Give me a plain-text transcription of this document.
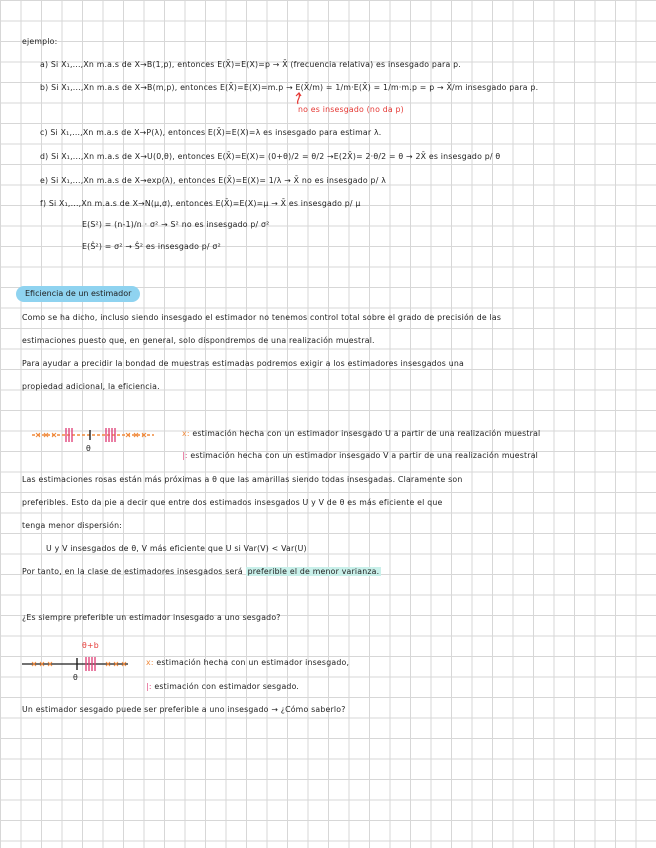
ejemplo:
a) Si X₁,...,Xn m.a.s de X→B(1,p), entonces E(X̄)=E(X)=p → X̄ (frecuencia relativa) es insesgado para p.
b) Si X₁,...,Xn m.a.s de X→B(m,p), entonces E(X̄)=E(X)=m.p → E(X̄/m) = 1/m·E(X̄) = 1/m·m.p = p → X̄/m insesgado para p.
no es insesgado (no da p)
c) Si X₁,...,Xn m.a.s de X→P(λ), entonces E(X̄)=E(X)=λ es insesgado para estimar λ.
d) Si X₁,...,Xn m.a.s de X→U(0,θ), entonces E(X̄)=E(X)= (0+θ)/2 = θ/2 →E(2X̄)= 2·θ/2 = θ → 2X̄ es insesgado p/ θ
e) Si X₁,...,Xn m.a.s de X→exp(λ), entonces E(X̄)=E(X)= 1/λ → X̄ no es insesgado p/ λ
f) Si X₁,...,Xn m.a.s de X→N(μ,σ), entonces E(X̄)=E(X)=μ → X̄ es insesgado p/ μ
E(S²) = (n-1)/n · σ² → S² no es insesgado p/ σ²
E(Ŝ²) = σ² → Ŝ² es insesgado p/ σ²
Eficiencia de un estimador
Como se ha dicho, incluso siendo insesgado el estimador no tenemos control total sobre el grado de precisión de las
estimaciones puesto que, en general, solo dispondremos de una realización muestral.
Para ayudar a precidir la bondad de muestras estimadas podremos exigir a los estimadores insesgados una
propiedad adicional, la eficiencia.
θ
x: estimación hecha con un estimador insesgado U a partir de una realización muestral
|: estimación hecha con un estimador insesgado V a partir de una realización muestral
Las estimaciones rosas están más próximas a θ que las amarillas siendo todas insesgadas. Claramente son
preferibles. Esto da pie a decir que entre dos estimados insesgados U y V de θ es más eficiente el que
tenga menor dispersión:
U y V insesgados de θ, V más eficiente que U si Var(V) < Var(U)
Por tanto, en la clase de estimadores insesgados será preferible el de menor varianza.
¿Es siempre preferible un estimador insesgado a uno sesgado?
θ+b
θ
x: estimación hecha con un estimador insesgado,
|: estimación con estimador sesgado.
Un estimador sesgado puede ser preferible a uno insesgado → ¿Cómo saberlo?
